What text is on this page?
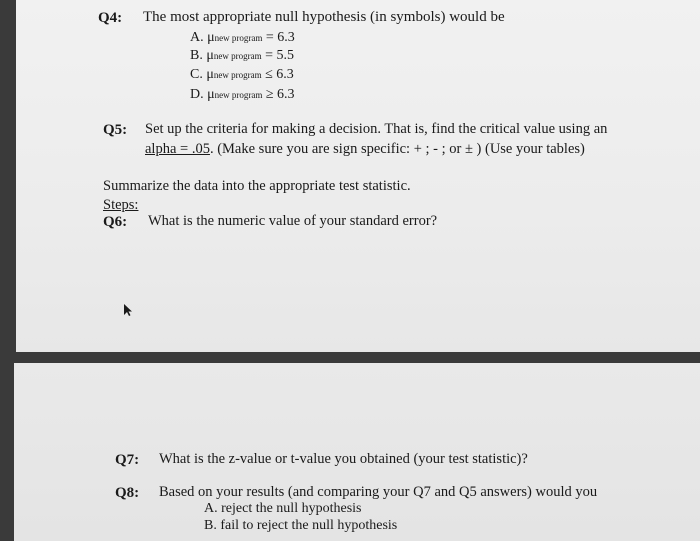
Q4: The most appropriate null hypothesis (in symbols) would be
A. μnew program = 6.3
B. μnew program = 5.5
C. μnew program ≤ 6.3
D. μnew program ≥ 6.3
Q5: Set up the criteria for making a decision. That is, find the critical value using an
alpha = .05. (Make sure you are sign specific: + ; - ; or ± ) (Use your tables)
Summarize the data into the appropriate test statistic.
Steps:
Q6: What is the numeric value of your standard error?
Q7: What is the z-value or t-value you obtained (your test statistic)?
Q8: Based on your results (and comparing your Q7 and Q5 answers) would you
A. reject the null hypothesis
B. fail to reject the null hypothesis
